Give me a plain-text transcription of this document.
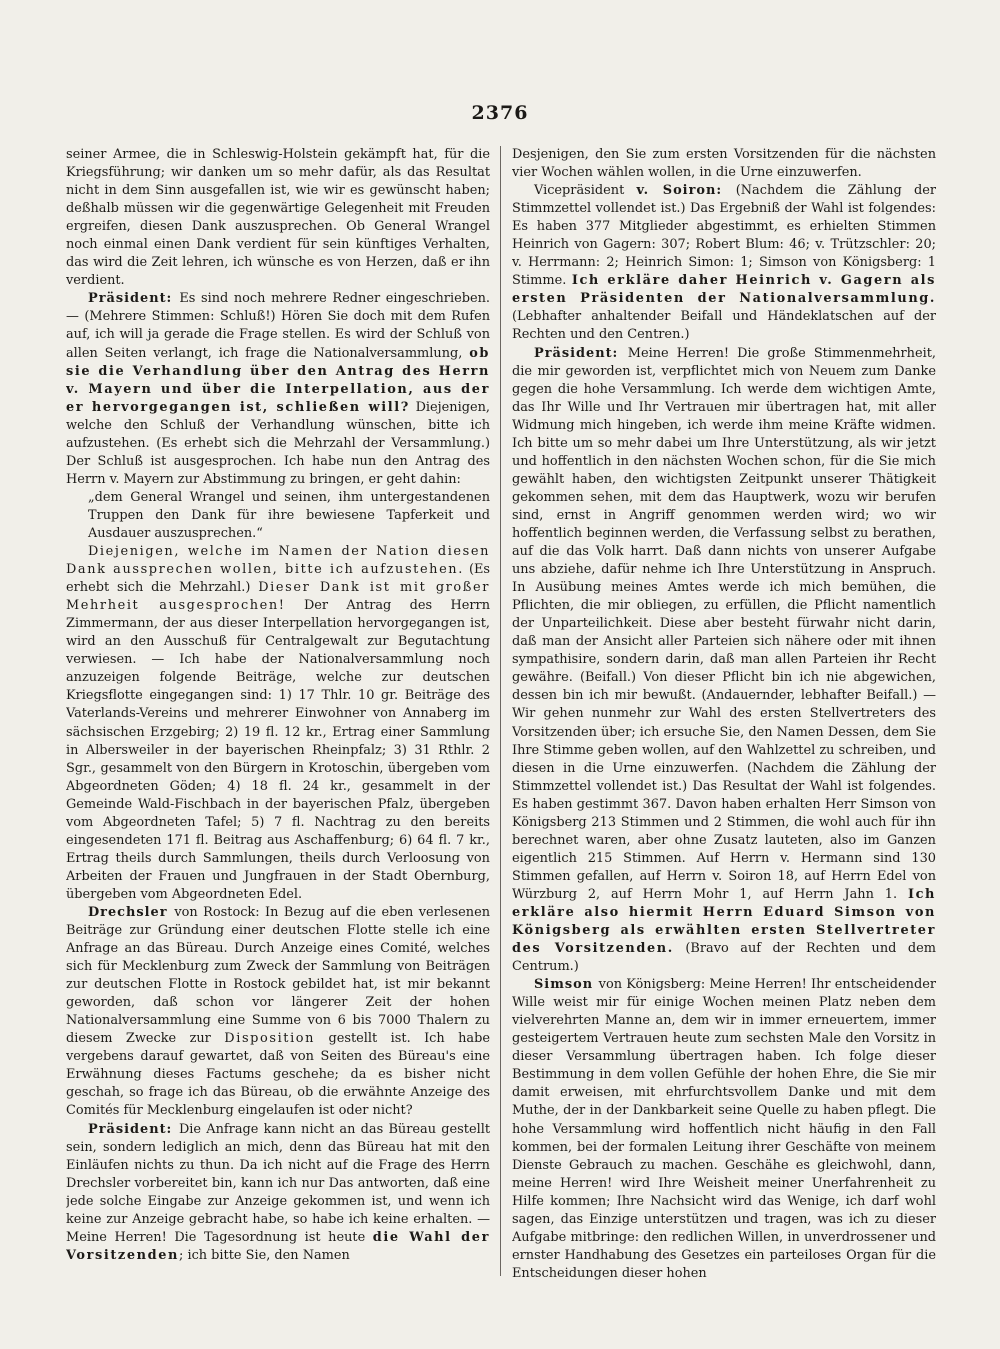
2376

seiner Armee, die in Schleswig-Holstein gekämpft hat, für die Kriegsführung; wir danken um so mehr dafür, als das Resultat nicht in dem Sinn ausgefallen ist, wie wir es gewünscht haben; deßhalb müssen wir die gegenwärtige Gelegenheit mit Freuden ergreifen, diesen Dank auszusprechen. Ob General Wrangel noch einmal einen Dank verdient für sein künftiges Verhalten, das wird die Zeit lehren, ich wünsche es von Herzen, daß er ihn verdient.

Präsident: Es sind noch mehrere Redner eingeschrieben. — (Mehrere Stimmen: Schluß!) Hören Sie doch mit dem Rufen auf, ich will ja gerade die Frage stellen. Es wird der Schluß von allen Seiten verlangt, ich frage die Nationalversammlung, ob sie die Verhandlung über den Antrag des Herrn v. Mayern und über die Interpellation, aus der er hervorgegangen ist, schließen will? Diejenigen, welche den Schluß der Verhandlung wünschen, bitte ich aufzustehen. (Es erhebt sich die Mehrzahl der Versammlung.) Der Schluß ist ausgesprochen. Ich habe nun den Antrag des Herrn v. Mayern zur Abstimmung zu bringen, er geht dahin:

„dem General Wrangel und seinen, ihm untergestandenen Truppen den Dank für ihre bewiesene Tapferkeit und Ausdauer auszusprechen.“

Diejenigen, welche im Namen der Nation diesen Dank aussprechen wollen, bitte ich aufzustehen. (Es erhebt sich die Mehrzahl.) Dieser Dank ist mit großer Mehrheit ausgesprochen! Der Antrag des Herrn Zimmermann, der aus dieser Interpellation hervorgegangen ist, wird an den Ausschuß für Centralgewalt zur Begutachtung verwiesen. — Ich habe der Nationalversammlung noch anzuzeigen folgende Beiträge, welche zur deutschen Kriegsflotte eingegangen sind: 1) 17 Thlr. 10 gr. Beiträge des Vaterlands-Vereins und mehrerer Einwohner von Annaberg im sächsischen Erzgebirg; 2) 19 fl. 12 kr., Ertrag einer Sammlung in Albersweiler in der bayerischen Rheinpfalz; 3) 31 Rthlr. 2 Sgr., gesammelt von den Bürgern in Krotoschin, übergeben vom Abgeordneten Göden; 4) 18 fl. 24 kr., gesammelt in der Gemeinde Wald-Fischbach in der bayerischen Pfalz, übergeben vom Abgeordneten Tafel; 5) 7 fl. Nachtrag zu den bereits eingesendeten 171 fl. Beitrag aus Aschaffenburg; 6) 64 fl. 7 kr., Ertrag theils durch Sammlungen, theils durch Verloosung von Arbeiten der Frauen und Jungfrauen in der Stadt Obernburg, übergeben vom Abgeordneten Edel.

Drechsler von Rostock: In Bezug auf die eben verlesenen Beiträge zur Gründung einer deutschen Flotte stelle ich eine Anfrage an das Büreau. Durch Anzeige eines Comité, welches sich für Mecklenburg zum Zweck der Sammlung von Beiträgen zur deutschen Flotte in Rostock gebildet hat, ist mir bekannt geworden, daß schon vor längerer Zeit der hohen Nationalversammlung eine Summe von 6 bis 7000 Thalern zu diesem Zwecke zur Disposition gestellt ist. Ich habe vergebens darauf gewartet, daß von Seiten des Büreau's eine Erwähnung dieses Factums geschehe; da es bisher nicht geschah, so frage ich das Büreau, ob die erwähnte Anzeige des Comités für Mecklenburg eingelaufen ist oder nicht?

Präsident: Die Anfrage kann nicht an das Büreau gestellt sein, sondern lediglich an mich, denn das Büreau hat mit den Einläufen nichts zu thun. Da ich nicht auf die Frage des Herrn Drechsler vorbereitet bin, kann ich nur Das antworten, daß eine jede solche Eingabe zur Anzeige gekommen ist, und wenn ich keine zur Anzeige gebracht habe, so habe ich keine erhalten. — Meine Herren! Die Tagesordnung ist heute die Wahl der Vorsitzenden; ich bitte Sie, den Namen

Desjenigen, den Sie zum ersten Vorsitzenden für die nächsten vier Wochen wählen wollen, in die Urne einzuwerfen.

Vicepräsident v. Soiron: (Nachdem die Zählung der Stimmzettel vollendet ist.) Das Ergebniß der Wahl ist folgendes: Es haben 377 Mitglieder abgestimmt, es erhielten Stimmen Heinrich von Gagern: 307; Robert Blum: 46; v. Trützschler: 20; v. Herrmann: 2; Heinrich Simon: 1; Simson von Königsberg: 1 Stimme. Ich erkläre daher Heinrich v. Gagern als ersten Präsidenten der Nationalversammlung. (Lebhafter anhaltender Beifall und Händeklatschen auf der Rechten und den Centren.)

Präsident: Meine Herren! Die große Stimmenmehrheit, die mir geworden ist, verpflichtet mich von Neuem zum Danke gegen die hohe Versammlung. Ich werde dem wichtigen Amte, das Ihr Wille und Ihr Vertrauen mir übertragen hat, mit aller Widmung mich hingeben, ich werde ihm meine Kräfte widmen. Ich bitte um so mehr dabei um Ihre Unterstützung, als wir jetzt und hoffentlich in den nächsten Wochen schon, für die Sie mich gewählt haben, den wichtigsten Zeitpunkt unserer Thätigkeit gekommen sehen, mit dem das Hauptwerk, wozu wir berufen sind, ernst in Angriff genommen werden wird; wo wir hoffentlich beginnen werden, die Verfassung selbst zu berathen, auf die das Volk harrt. Daß dann nichts von unserer Aufgabe uns abziehe, dafür nehme ich Ihre Unterstützung in Anspruch. In Ausübung meines Amtes werde ich mich bemühen, die Pflichten, die mir obliegen, zu erfüllen, die Pflicht namentlich der Unparteilichkeit. Diese aber besteht fürwahr nicht darin, daß man der Ansicht aller Parteien sich nähere oder mit ihnen sympathisire, sondern darin, daß man allen Parteien ihr Recht gewähre. (Beifall.) Von dieser Pflicht bin ich nie abgewichen, dessen bin ich mir bewußt. (Andauernder, lebhafter Beifall.) — Wir gehen nunmehr zur Wahl des ersten Stellvertreters des Vorsitzenden über; ich ersuche Sie, den Namen Dessen, dem Sie Ihre Stimme geben wollen, auf den Wahlzettel zu schreiben, und diesen in die Urne einzuwerfen. (Nachdem die Zählung der Stimmzettel vollendet ist.) Das Resultat der Wahl ist folgendes. Es haben gestimmt 367. Davon haben erhalten Herr Simson von Königsberg 213 Stimmen und 2 Stimmen, die wohl auch für ihn berechnet waren, aber ohne Zusatz lauteten, also im Ganzen eigentlich 215 Stimmen. Auf Herrn v. Hermann sind 130 Stimmen gefallen, auf Herrn v. Soiron 18, auf Herrn Edel von Würzburg 2, auf Herrn Mohr 1, auf Herrn Jahn 1. Ich erkläre also hiermit Herrn Eduard Simson von Königsberg als erwählten ersten Stellvertreter des Vorsitzenden. (Bravo auf der Rechten und dem Centrum.)

Simson von Königsberg: Meine Herren! Ihr entscheidender Wille weist mir für einige Wochen meinen Platz neben dem vielverehrten Manne an, dem wir in immer erneuertem, immer gesteigertem Vertrauen heute zum sechsten Male den Vorsitz in dieser Versammlung übertragen haben. Ich folge dieser Bestimmung in dem vollen Gefühle der hohen Ehre, die Sie mir damit erweisen, mit ehrfurchtsvollem Danke und mit dem Muthe, der in der Dankbarkeit seine Quelle zu haben pflegt. Die hohe Versammlung wird hoffentlich nicht häufig in den Fall kommen, bei der formalen Leitung ihrer Geschäfte von meinem Dienste Gebrauch zu machen. Geschähe es gleichwohl, dann, meine Herren! wird Ihre Weisheit meiner Unerfahrenheit zu Hilfe kommen; Ihre Nachsicht wird das Wenige, ich darf wohl sagen, das Einzige unterstützen und tragen, was ich zu dieser Aufgabe mitbringe: den redlichen Willen, in unverdrossener und ernster Handhabung des Gesetzes ein parteiloses Organ für die Entscheidungen dieser hohen
